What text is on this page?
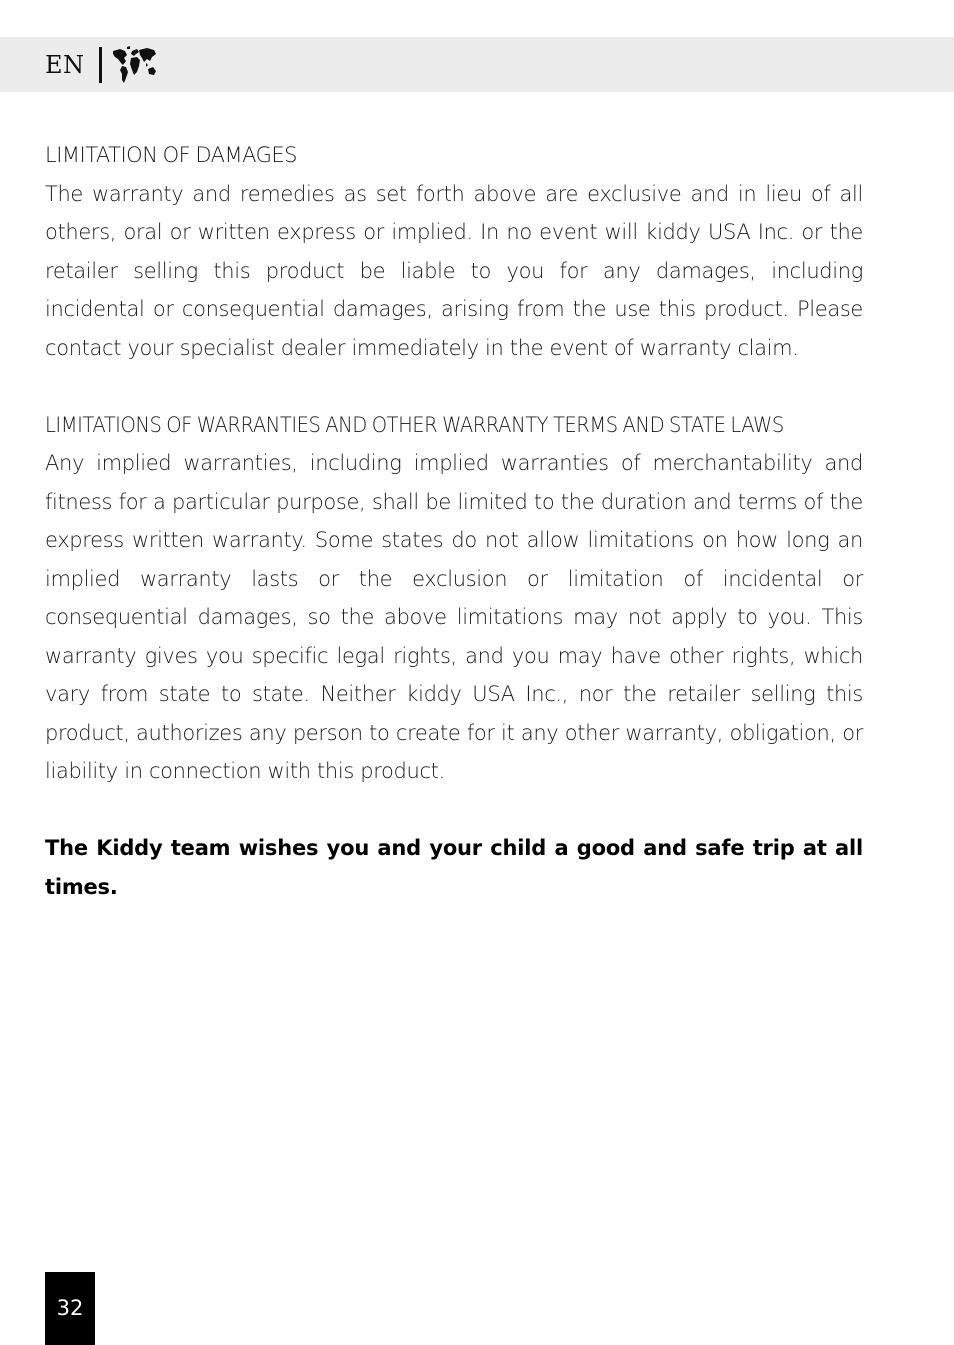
EN
LIMITATION OF DAMAGES

The warranty and remedies as set forth above are exclusive and in lieu of all others, oral or written express or implied. In no event will kiddy USA Inc. or the retailer selling this product be liable to you for any damages, including incidental or consequential damages, arising from the use this product. Please contact your specialist dealer immediately in the event of warranty claim.

LIMITATIONS OF WARRANTIES AND OTHER WARRANTY TERMS AND STATE LAWS

Any implied warranties, including implied warranties of merchantability and fitness for a particular purpose, shall be limited to the duration and terms of the express written warranty. Some states do not allow limitations on how long an implied warranty lasts or the exclusion or limitation of incidental or consequential damages, so the above limitations may not apply to you. This warranty gives you specific legal rights, and you may have other rights, which vary from state to state. Neither kiddy USA Inc., nor the retailer selling this product, authorizes any person to create for it any other warranty, obligation, or liability in connection with this product.

The Kiddy team wishes you and your child a good and safe trip at all times.

32
